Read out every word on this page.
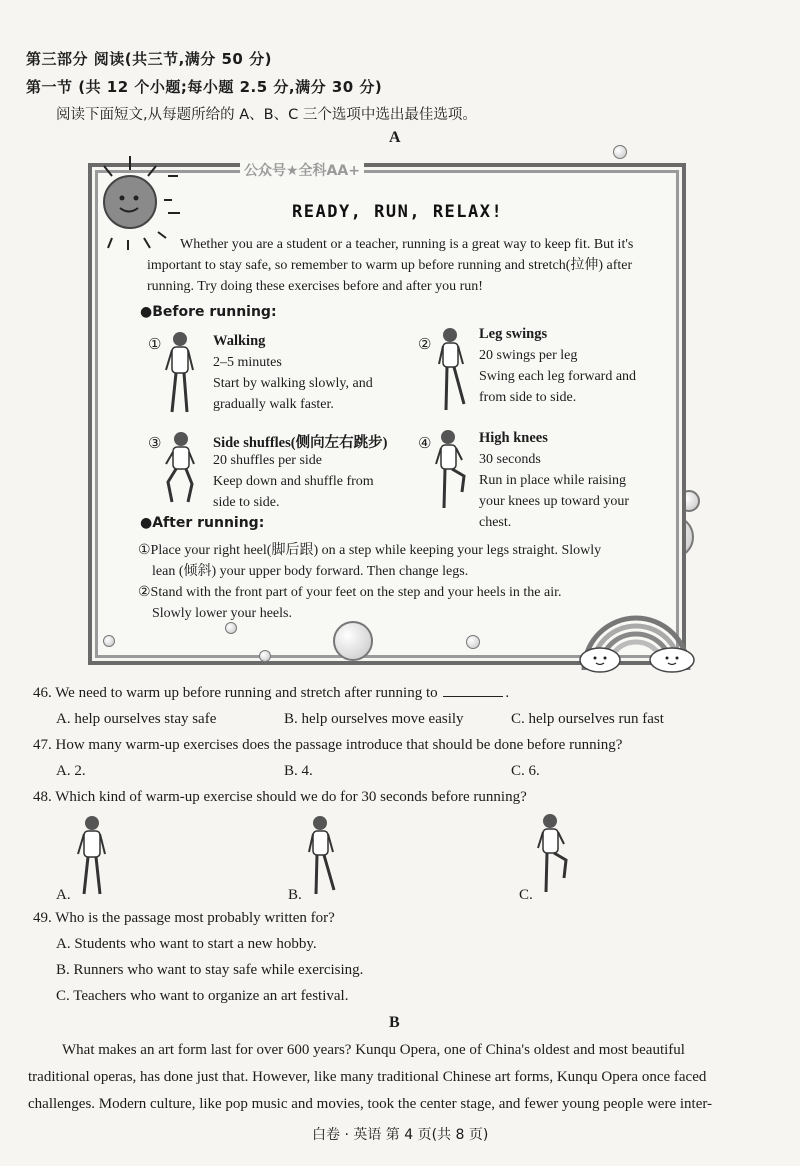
第三部分 阅读(共三节,满分 50 分)
第一节 (共 12 个小题;每小题 2.5 分,满分 30 分)
阅读下面短文,从每题所给的 A、B、C 三个选项中选出最佳选项。
A
公众号★全科AA+
READY, RUN, RELAX!
Whether you are a student or a teacher, running is a great way to keep fit. But it's
important to stay safe, so remember to warm up before running and stretch(拉伸) after
running. Try doing these exercises before and after you run!
●Before running:
①	Walking
2–5 minutes
Start by walking slowly, and
gradually walk faster.
②
Leg swings
20 swings per leg
Swing each leg forward and
from side to side.
③	Side shuffles(侧向左右跳步)
20 shuffles per side
Keep down and shuffle from
side to side.
④	High knees
30 seconds
Run in place while raising
your knees up toward your
chest.
●After running:
①Place your right heel(脚后跟) on a step while keeping your legs straight. Slowly
lean (倾斜) your upper body forward. Then change legs.
②Stand with the front part of your feet on the step and your heels in the air.
Slowly lower your heels.
46. We need to warm up before running and stretch after running to	.
A. help ourselves stay safe	B. help ourselves move easily	C. help ourselves run fast
47. How many warm-up exercises does the passage introduce that should be done before running?
A. 2.	B. 4.	C. 6.
48. Which kind of warm-up exercise should we do for 30 seconds before running?
A.	B.	C.
49. Who is the passage most probably written for?
A. Students who want to start a new hobby.
B. Runners who want to stay safe while exercising.
C. Teachers who want to organize an art festival.
B
What makes an art form last for over 600 years? Kunqu Opera, one of China's oldest and most beautiful
traditional operas, has done just that. However, like many traditional Chinese art forms, Kunqu Opera once faced
challenges. Modern culture, like pop music and movies, took the center stage, and fewer young people were inter-
白卷 · 英语 第 4 页(共 8 页)
